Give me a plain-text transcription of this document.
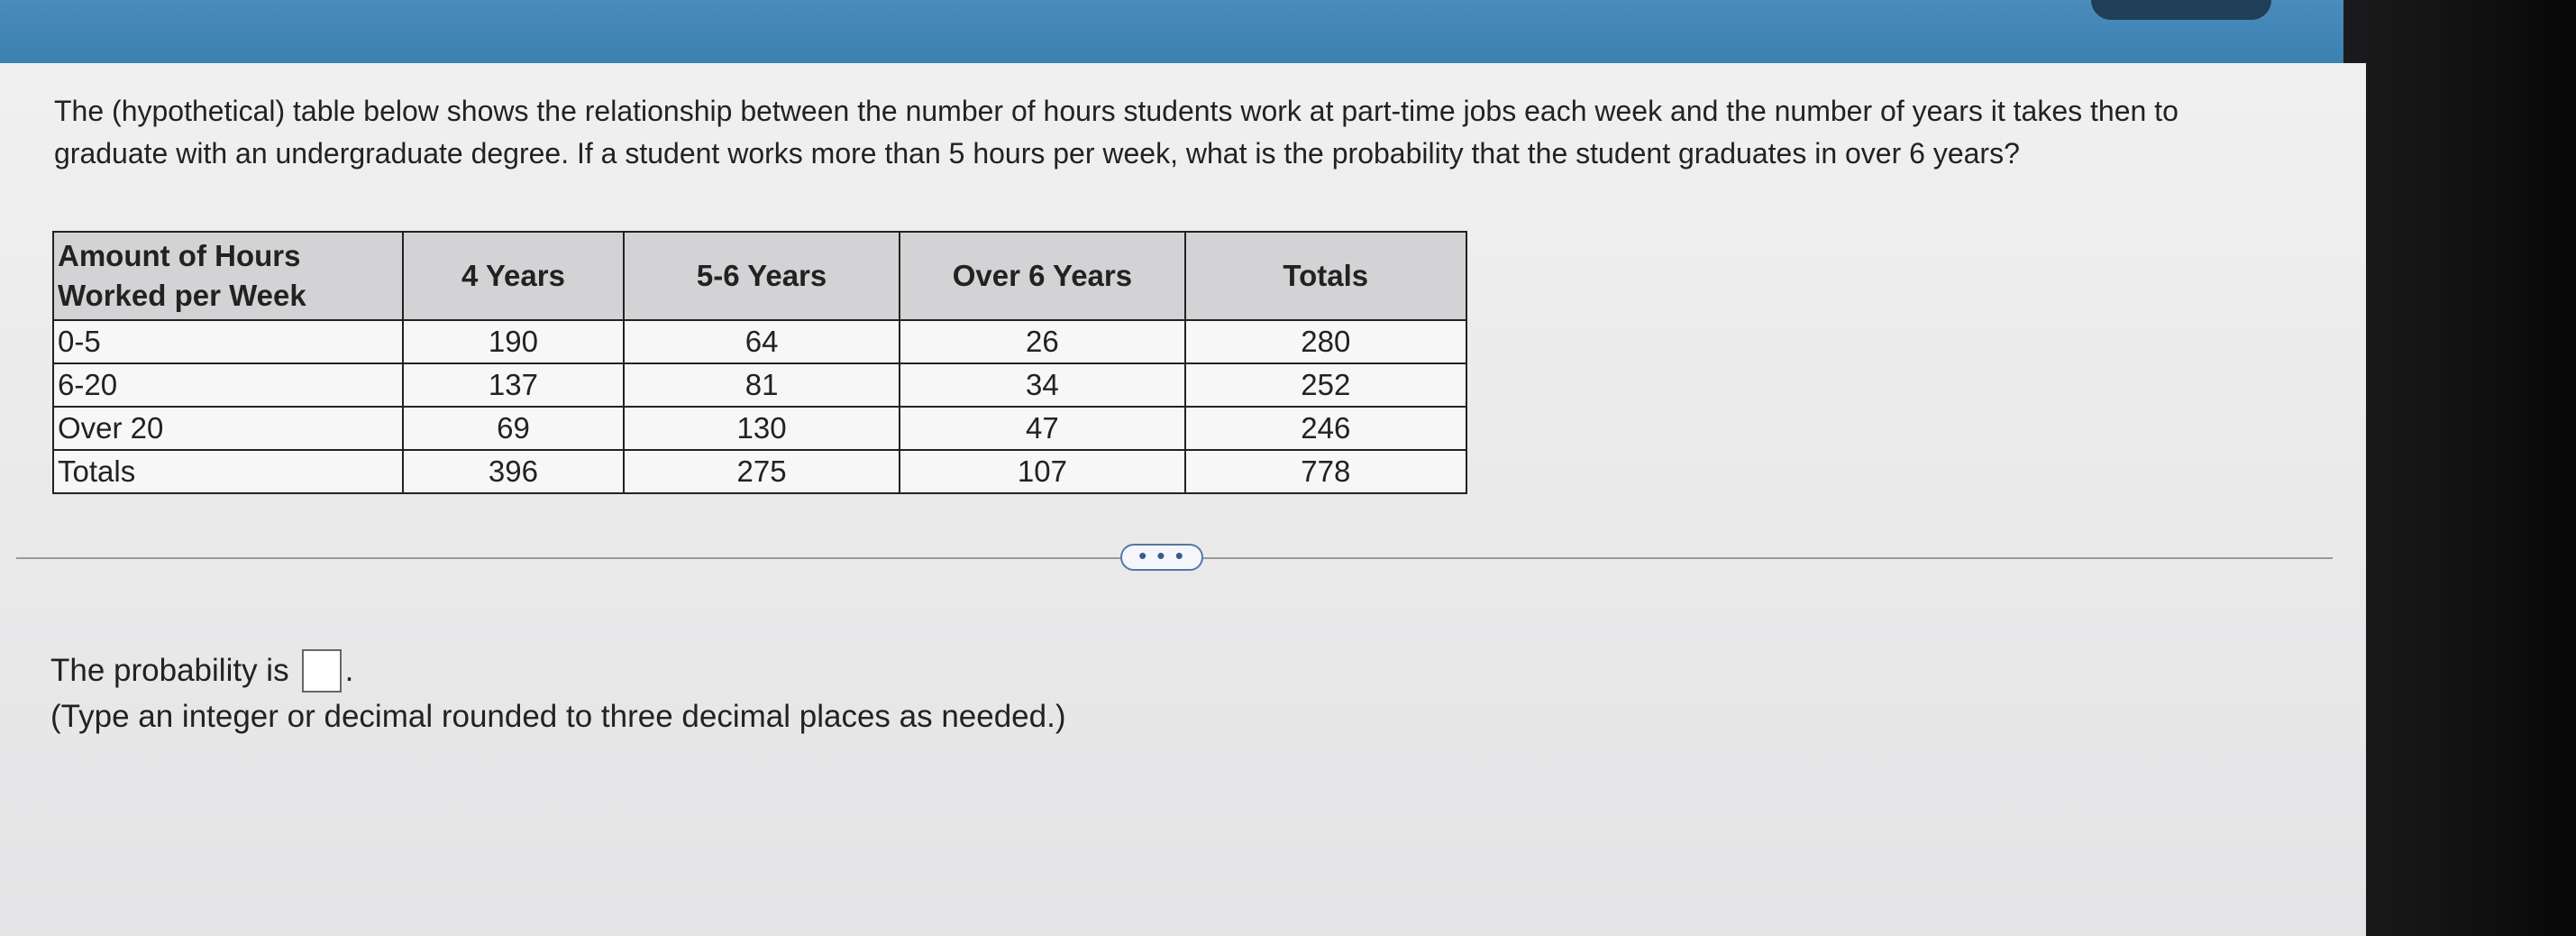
The (hypothetical) table below shows the relationship between the number of hours students work at part-time jobs each week and the number of years it takes then to graduate with an undergraduate degree. If a student works more than 5 hours per week, what is the probability that the student graduates in over 6 years?
Amount of Hours Worked per Week	4 Years	5-6 Years	Over 6 Years	Totals
0-5	190	64	26	280
6-20	137	81	34	252
Over 20	69	130	47	246
Totals	396	275	107	778
• • •
The probability is .
(Type an integer or decimal rounded to three decimal places as needed.)
